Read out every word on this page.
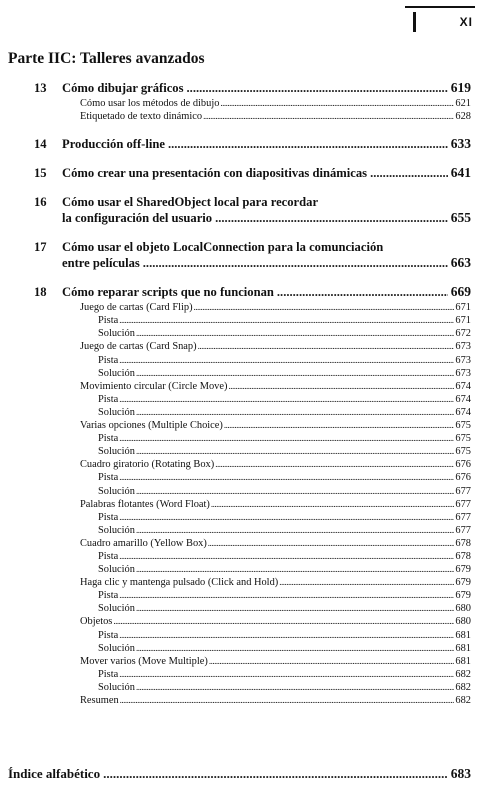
XI
Parte IIC: Talleres avanzados
13 Cómo dibujar gráficos .....	619
Cómo usar los métodos de dibujo .....	621
Etiquetado de texto dinámico .....	628
14 Producción off-line .....	633
15 Cómo crear una presentación con diapositivas dinámicas .....	641
16 Cómo usar el SharedObject local para recordar
la configuración del usuario .....	655
17 Cómo usar el objeto LocalConnection para la comunciación
entre películas .....	663
18 Cómo reparar scripts que no funcionan .....	669
Juego de cartas (Card Flip) .....	671
Pista .....	671
Solución .....	672
Juego de cartas (Card Snap) .....	673
Pista .....	673
Solución .....	673
Movimiento circular (Circle Move) .....	674
Pista .....	674
Solución .....	674
Varias opciones (Multiple Choice) .....	675
Pista .....	675
Solución .....	675
Cuadro giratorio (Rotating Box) .....	676
Pista .....	676
Solución .....	677
Palabras flotantes (Word Float) .....	677
Pista .....	677
Solución .....	677
Cuadro amarillo (Yellow Box) .....	678
Pista .....	678
Solución .....	679
Haga clic y mantenga pulsado (Click and Hold) .....	679
Pista .....	679
Solución .....	680
Objetos .....	680
Pista .....	681
Solución .....	681
Mover varios (Move Multiple) .....	681
Pista .....	682
Solución .....	682
Resumen .....	682
Índice alfabético .....	683
